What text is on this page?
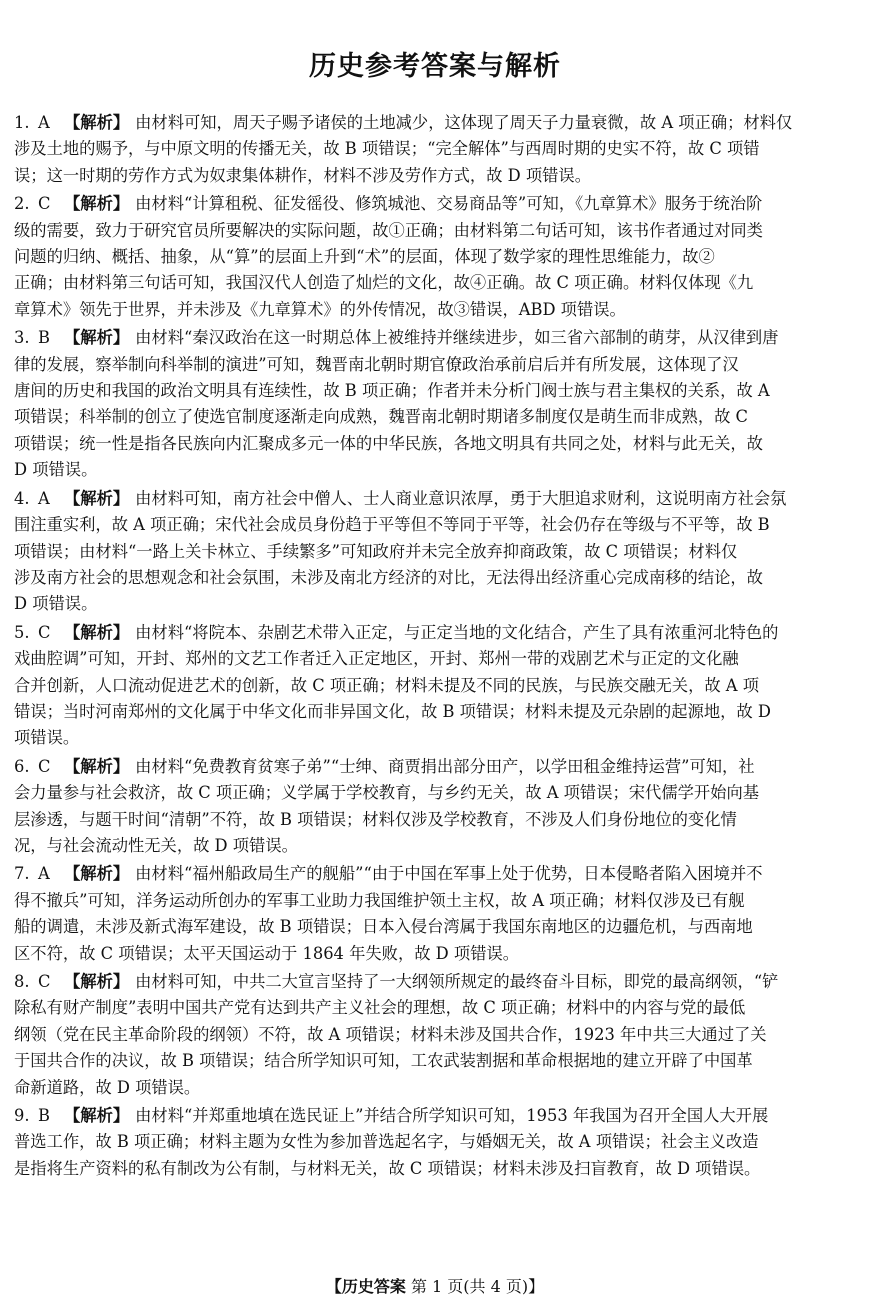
历史参考答案与解析
1. A 【解析】 由材料可知，周天子赐予诸侯的土地减少，这体现了周天子力量衰微，故 A 项正确；材料仅
涉及土地的赐予，与中原文明的传播无关，故 B 项错误；“完全解体”与西周时期的史实不符，故 C 项错
误；这一时期的劳作方式为奴隶集体耕作，材料不涉及劳作方式，故 D 项错误。
2. C 【解析】 由材料“计算租税、征发徭役、修筑城池、交易商品等”可知，《九章算术》服务于统治阶
级的需要，致力于研究官员所要解决的实际问题，故①正确；由材料第二句话可知，该书作者通过对同类
问题的归纳、概括、抽象，从“算”的层面上升到“术”的层面，体现了数学家的理性思维能力，故②
正确；由材料第三句话可知，我国汉代人创造了灿烂的文化，故④正确。故 C 项正确。材料仅体现《九
章算术》领先于世界，并未涉及《九章算术》的外传情况，故③错误，ABD 项错误。
3. B 【解析】 由材料“秦汉政治在这一时期总体上被维持并继续进步，如三省六部制的萌芽，从汉律到唐
律的发展，察举制向科举制的演进”可知，魏晋南北朝时期官僚政治承前启后并有所发展，这体现了汉
唐间的历史和我国的政治文明具有连续性，故 B 项正确；作者并未分析门阀士族与君主集权的关系，故 A
项错误；科举制的创立了使选官制度逐渐走向成熟，魏晋南北朝时期诸多制度仅是萌生而非成熟，故 C
项错误；统一性是指各民族向内汇聚成多元一体的中华民族，各地文明具有共同之处，材料与此无关，故
D 项错误。
4. A 【解析】 由材料可知，南方社会中僧人、士人商业意识浓厚，勇于大胆追求财利，这说明南方社会氛
围注重实利，故 A 项正确；宋代社会成员身份趋于平等但不等同于平等，社会仍存在等级与不平等，故 B
项错误；由材料“一路上关卡林立、手续繁多”可知政府并未完全放弃抑商政策，故 C 项错误；材料仅
涉及南方社会的思想观念和社会氛围，未涉及南北方经济的对比，无法得出经济重心完成南移的结论，故
D 项错误。
5. C 【解析】 由材料“将院本、杂剧艺术带入正定，与正定当地的文化结合，产生了具有浓重河北特色的
戏曲腔调”可知，开封、郑州的文艺工作者迁入正定地区，开封、郑州一带的戏剧艺术与正定的文化融
合并创新，人口流动促进艺术的创新，故 C 项正确；材料未提及不同的民族，与民族交融无关，故 A 项
错误；当时河南郑州的文化属于中华文化而非异国文化，故 B 项错误；材料未提及元杂剧的起源地，故 D
项错误。
6. C 【解析】 由材料“免费教育贫寒子弟”“士绅、商贾捐出部分田产，以学田租金维持运营”可知，社
会力量参与社会救济，故 C 项正确；义学属于学校教育，与乡约无关，故 A 项错误；宋代儒学开始向基
层渗透，与题干时间“清朝”不符，故 B 项错误；材料仅涉及学校教育，不涉及人们身份地位的变化情
况，与社会流动性无关，故 D 项错误。
7. A 【解析】 由材料“福州船政局生产的舰船”“由于中国在军事上处于优势，日本侵略者陷入困境并不
得不撤兵”可知，洋务运动所创办的军事工业助力我国维护领土主权，故 A 项正确；材料仅涉及已有舰
船的调遣，未涉及新式海军建设，故 B 项错误；日本入侵台湾属于我国东南地区的边疆危机，与西南地
区不符，故 C 项错误；太平天国运动于 1864 年失败，故 D 项错误。
8. C 【解析】 由材料可知，中共二大宣言坚持了一大纲领所规定的最终奋斗目标，即党的最高纲领，“铲
除私有财产制度”表明中国共产党有达到共产主义社会的理想，故 C 项正确；材料中的内容与党的最低
纲领（党在民主革命阶段的纲领）不符，故 A 项错误；材料未涉及国共合作，1923 年中共三大通过了关
于国共合作的决议，故 B 项错误；结合所学知识可知，工农武装割据和革命根据地的建立开辟了中国革
命新道路，故 D 项错误。
9. B 【解析】 由材料“并郑重地填在选民证上”并结合所学知识可知，1953 年我国为召开全国人大开展
普选工作，故 B 项正确；材料主题为女性为参加普选起名字，与婚姻无关，故 A 项错误；社会主义改造
是指将生产资料的私有制改为公有制，与材料无关，故 C 项错误；材料未涉及扫盲教育，故 D 项错误。
【历史答案 第 1 页(共 4 页)】
